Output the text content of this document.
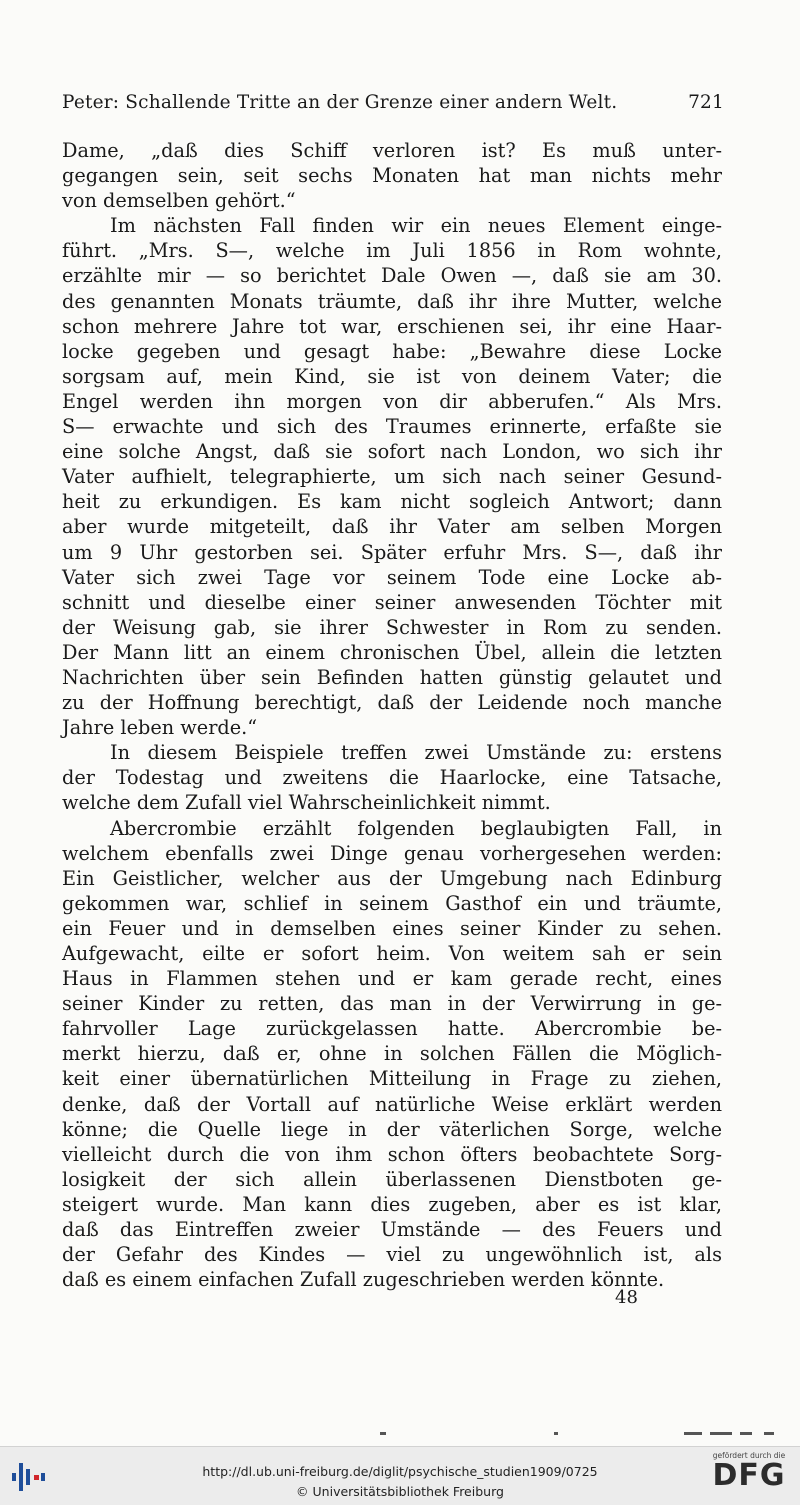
Peter: Schallende Tritte an der Grenze einer andern Welt.	721
Dame, „daß dies Schiff verloren ist? Es muß unter-
gegangen sein, seit sechs Monaten hat man nichts mehr
von demselben gehört.“
Im nächsten Fall finden wir ein neues Element einge-
führt. „Mrs. S—, welche im Juli 1856 in Rom wohnte,
erzählte mir — so berichtet Dale Owen —, daß sie am 30.
des genannten Monats träumte, daß ihr ihre Mutter, welche
schon mehrere Jahre tot war, erschienen sei, ihr eine Haar-
locke gegeben und gesagt habe: „Bewahre diese Locke
sorgsam auf, mein Kind, sie ist von deinem Vater; die
Engel werden ihn morgen von dir abberufen.“ Als Mrs.
S— erwachte und sich des Traumes erinnerte, erfaßte sie
eine solche Angst, daß sie sofort nach London, wo sich ihr
Vater aufhielt, telegraphierte, um sich nach seiner Gesund-
heit zu erkundigen. Es kam nicht sogleich Antwort; dann
aber wurde mitgeteilt, daß ihr Vater am selben Morgen
um 9 Uhr gestorben sei. Später erfuhr Mrs. S—, daß ihr
Vater sich zwei Tage vor seinem Tode eine Locke ab-
schnitt und dieselbe einer seiner anwesenden Töchter mit
der Weisung gab, sie ihrer Schwester in Rom zu senden.
Der Mann litt an einem chronischen Übel, allein die letzten
Nachrichten über sein Befinden hatten günstig gelautet und
zu der Hoffnung berechtigt, daß der Leidende noch manche
Jahre leben werde.“
In diesem Beispiele treffen zwei Umstände zu: erstens
der Todestag und zweitens die Haarlocke, eine Tatsache,
welche dem Zufall viel Wahrscheinlichkeit nimmt.
Abercrombie erzählt folgenden beglaubigten Fall, in
welchem ebenfalls zwei Dinge genau vorhergesehen werden:
Ein Geistlicher, welcher aus der Umgebung nach Edinburg
gekommen war, schlief in seinem Gasthof ein und träumte,
ein Feuer und in demselben eines seiner Kinder zu sehen.
Aufgewacht, eilte er sofort heim. Von weitem sah er sein
Haus in Flammen stehen und er kam gerade recht, eines
seiner Kinder zu retten, das man in der Verwirrung in ge-
fahrvoller Lage zurückgelassen hatte. Abercrombie be-
merkt hierzu, daß er, ohne in solchen Fällen die Möglich-
keit einer übernatürlichen Mitteilung in Frage zu ziehen,
denke, daß der Vortall auf natürliche Weise erklärt werden
könne; die Quelle liege in der väterlichen Sorge, welche
vielleicht durch die von ihm schon öfters beobachtete Sorg-
losigkeit der sich allein überlassenen Dienstboten ge-
steigert wurde. Man kann dies zugeben, aber es ist klar,
daß das Eintreffen zweier Umstände — des Feuers und
der Gefahr des Kindes — viel zu ungewöhnlich ist, als
daß es einem einfachen Zufall zugeschrieben werden könnte.
48
http://dl.ub.uni-freiburg.de/diglit/psychische_studien1909/0725
© Universitätsbibliothek Freiburg
gefördert durch die
DFG
